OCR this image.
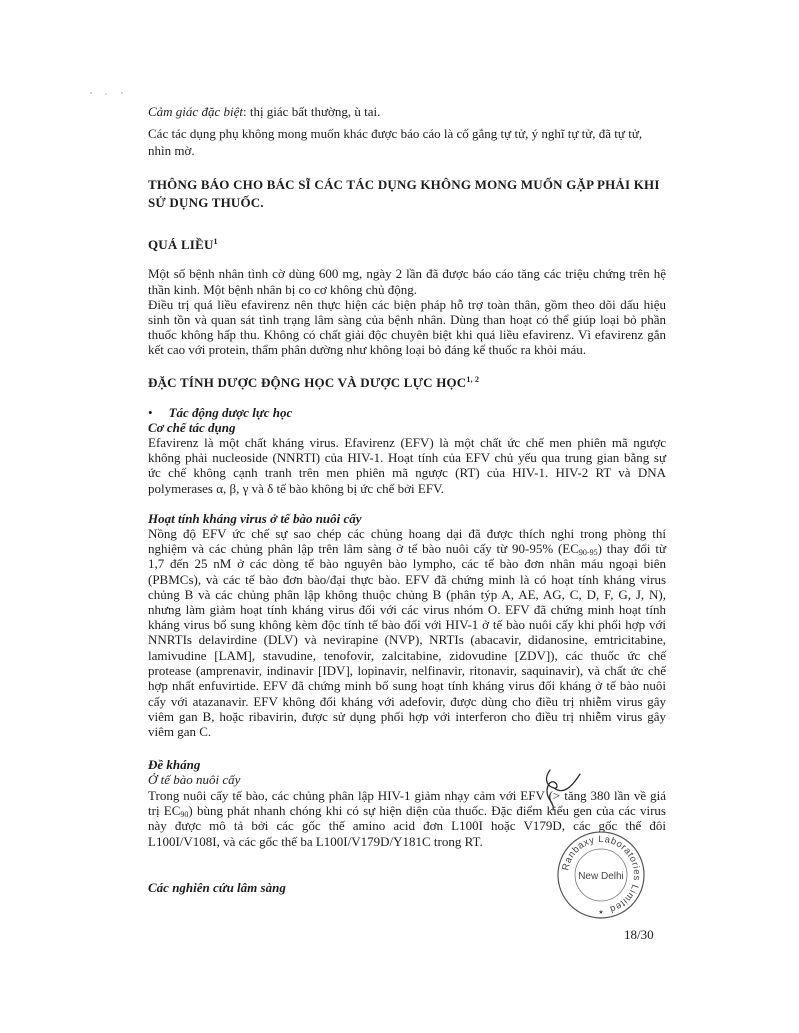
Cảm giác đặc biệt: thị giác bất thường, ù tai.
Các tác dụng phụ không mong muốn khác được báo cáo là cố gắng tự tử, ý nghĩ tự tử, đã tự tử,
nhìn mờ.
THÔNG BÁO CHO BÁC SĨ CÁC TÁC DỤNG KHÔNG MONG MUỐN GẶP PHẢI KHI
SỬ DỤNG THUỐC.
QUÁ LIỀU$^1$
Một số bệnh nhân tình cờ dùng 600 mg, ngày 2 lần đã được báo cáo tăng các triệu chứng trên hệ
thần kinh. Một bệnh nhân bị co cơ không chủ động.
Điều trị quá liều efavirenz nên thực hiện các biện pháp hỗ trợ toàn thân, gồm theo dõi dấu hiệu
sinh tồn và quan sát tình trạng lâm sàng của bệnh nhân. Dùng than hoạt có thể giúp loại bỏ phần
thuốc không hấp thu. Không có chất giải độc chuyên biệt khi quá liều efavirenz. Vì efavirenz gắn
kết cao với protein, thẩm phân dường như không loại bỏ đáng kể thuốc ra khỏi máu.
ĐẶC TÍNH DƯỢC ĐỘNG HỌC VÀ DƯỢC LỰC HỌC$^{1, 2}$
• Tác động dược lực học
Cơ chế tác dụng
Efavirenz là một chất kháng virus. Efavirenz (EFV) là một chất ức chế men phiên mã ngược
không phải nucleoside (NNRTI) của HIV-1. Hoạt tính của EFV chủ yếu qua trung gian bằng sự
ức chế không cạnh tranh trên men phiên mã ngược (RT) của HIV-1. HIV-2 RT và DNA
polymerases α, β, γ và δ tế bào không bị ức chế bởi EFV.
Hoạt tính kháng virus ở tế bào nuôi cấy
Nồng độ EFV ức chế sự sao chép các chủng hoang dại đã được thích nghi trong phòng thí
nghiệm và các chủng phân lập trên lâm sàng ở tế bào nuôi cấy từ 90-95% $(EC_{90-95})$ thay đổi từ
1,7 đến 25 nM ở các dòng tế bào nguyên bào lympho, các tế bào đơn nhân máu ngoại biên
(PBMCs), và các tế bào đơn bào/đại thực bào. EFV đã chứng minh là có hoạt tính kháng virus
chủng B và các chủng phân lập không thuộc chủng B (phân týp A, AE, AG, C, D, F, G, J, N),
nhưng làm giảm hoạt tính kháng virus đối với các virus nhóm O. EFV đã chứng minh hoạt tính
kháng virus bổ sung không kèm độc tính tế bào đối với HIV-1 ở tế bào nuôi cấy khi phối hợp với
NNRTIs delavirdine (DLV) và nevirapine (NVP), NRTIs (abacavir, didanosine, emtricitabine,
lamivudine [LAM], stavudine, tenofovir, zalcitabine, zidovudine [ZDV]), các thuốc ức chế
protease (amprenavir, indinavir [IDV], lopinavir, nelfinavir, ritonavir, saquinavir), và chất ức chế
hợp nhất enfuvirtide. EFV đã chứng minh bổ sung hoạt tính kháng virus đối kháng ở tế bào nuôi
cấy với atazanavir. EFV không đối kháng với adefovir, được dùng cho điều trị nhiễm virus gây
viêm gan B, hoặc ribavirin, được sử dụng phối hợp với interferon cho điều trị nhiễm virus gây
viêm gan C.
Đề kháng
Ở tế bào nuôi cấy
Trong nuôi cấy tế bào, các chủng phân lập HIV-1 giảm nhạy cảm với EFV (> tăng 380 lần về giá
trị $EC_{90}$) bùng phát nhanh chóng khi có sự hiện diện của thuốc. Đặc điểm kiểu gen của các virus
này được mô tả bởi các gốc thế amino acid đơn L100I hoặc V179D, các gốc thế đôi
L100I/V108I, và các gốc thế ba L100I/V179D/Y181C trong RT.
Các nghiên cứu lâm sàng
Ranbaxy Laboratories Limited
New Delhi
★
18/30
